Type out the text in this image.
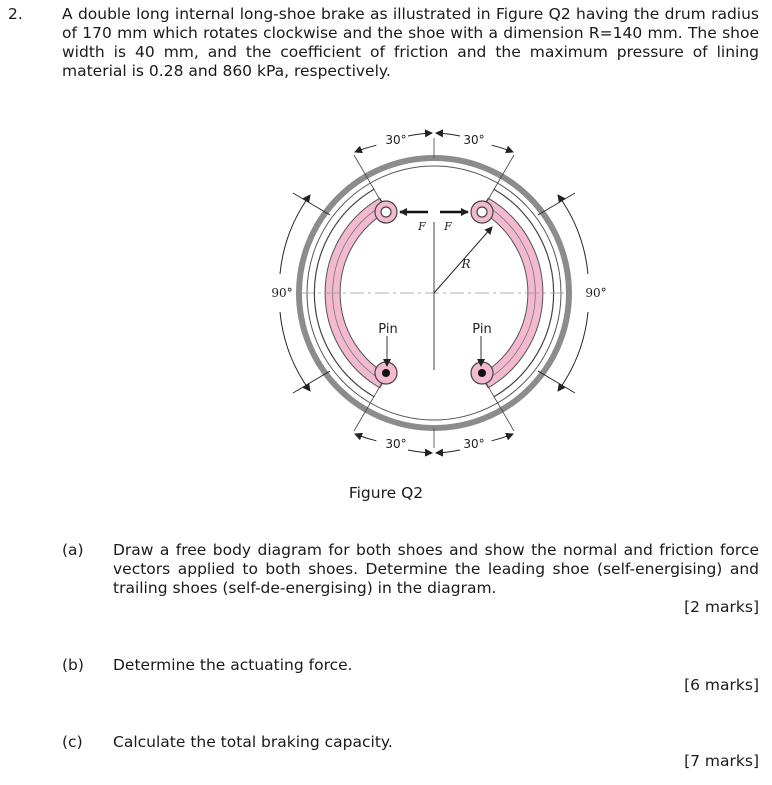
2.	A double long internal long-shoe brake as illustrated in Figure Q2 having the drum radius of 170 mm which rotates clockwise and the shoe with a dimension R=140 mm. The shoe width is 40 mm, and the coefficient of friction and the maximum pressure of lining material is 0.28 and 860 kPa, respectively.
30°	30°
30°	30°
90°	90°
F F
R
Pin	Pin
Figure Q2
(a) Draw a free body diagram for both shoes and show the normal and friction force vectors applied to both shoes. Determine the leading shoe (self-energising) and trailing shoes (self-de-energising) in the diagram.
[2 marks]
(b) Determine the actuating force.
[6 marks]
(c) Calculate the total braking capacity.
[7 marks]
